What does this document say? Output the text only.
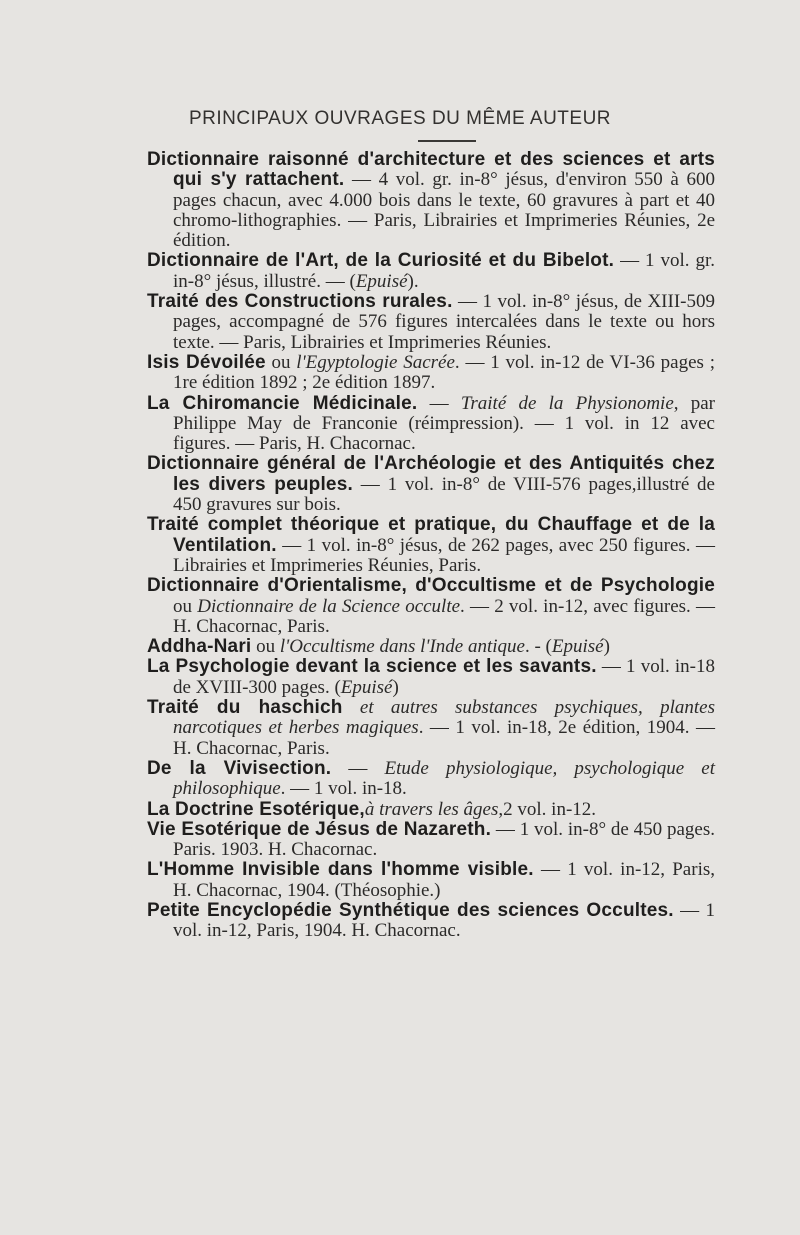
PRINCIPAUX OUVRAGES DU MÊME AUTEUR

Dictionnaire raisonné d'architecture et des sciences et arts qui s'y rattachent. — 4 vol. gr. in-8° jésus, d'environ 550 à 600 pages chacun, avec 4.000 bois dans le texte, 60 gravures à part et 40 chromo-lithographies. — Paris, Librairies et Imprimeries Réunies, 2e édition.

Dictionnaire de l'Art, de la Curiosité et du Bibelot. — 1 vol. gr. in-8° jésus, illustré. — (Epuisé).

Traité des Constructions rurales. — 1 vol. in-8° jésus, de XIII-509 pages, accompagné de 576 figures intercalées dans le texte ou hors texte. — Paris, Librairies et Imprimeries Réunies.

Isis Dévoilée ou l'Egyptologie Sacrée. — 1 vol. in-12 de VI-36 pages ; 1re édition 1892 ; 2e édition 1897.

La Chiromancie Médicinale. — Traité de la Physionomie, par Philippe May de Franconie (réimpression). — 1 vol. in 12 avec figures. — Paris, H. Chacornac.

Dictionnaire général de l'Archéologie et des Antiquités chez les divers peuples. — 1 vol. in-8° de VIII-576 pages,illustré de 450 gravures sur bois.

Traité complet théorique et pratique, du Chauffage et de la Ventilation. — 1 vol. in-8° jésus, de 262 pages, avec 250 figures. — Librairies et Imprimeries Réunies, Paris.

Dictionnaire d'Orientalisme, d'Occultisme et de Psychologie ou Dictionnaire de la Science occulte. — 2 vol. in-12, avec figures. — H. Chacornac, Paris.

Addha-Nari ou l'Occultisme dans l'Inde antique. - (Epuisé)

La Psychologie devant la science et les savants. — 1 vol. in-18 de XVIII-300 pages. (Epuisé)

Traité du haschich et autres substances psychiques, plantes narcotiques et herbes magiques. — 1 vol. in-18, 2e édition, 1904. — H. Chacornac, Paris.

De la Vivisection. — Etude physiologique, psychologique et philosophique. — 1 vol. in-18.

La Doctrine Esotérique,à travers les âges,2 vol. in-12.

Vie Esotérique de Jésus de Nazareth. — 1 vol. in-8° de 450 pages. Paris. 1903. H. Chacornac.

L'Homme Invisible dans l'homme visible. — 1 vol. in-12, Paris, H. Chacornac, 1904. (Théosophie.)

Petite Encyclopédie Synthétique des sciences Occultes. — 1 vol. in-12, Paris, 1904. H. Chacornac.
